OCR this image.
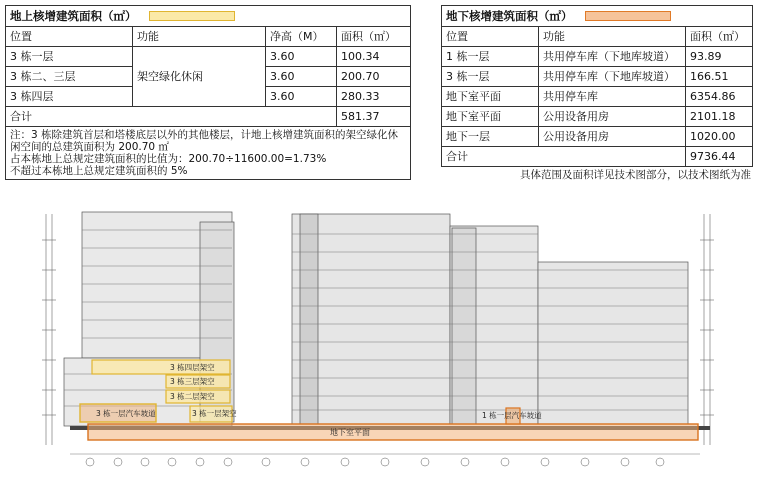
地上核增建筑面积（㎡）			
位置	功能	净高（M）	面积（㎡）
3 栋一层	架空绿化休闲	3.60	100.34
3 栋二、三层		3.60	200.70
3 栋四层		3.60	280.33
合计			581.37

注：3 栋除建筑首层和塔楼底层以外的其他楼层，计地上核增建筑面积的架空绿化休闲空间的总建筑面积为 200.70 ㎡
占本栋地上总规定建筑面积的比值为：200.70÷11600.00=1.73%
不超过本栋地上总规定建筑面积的 5%			
地下核增建筑面积（㎡）		
位置	功能	面积（㎡）
1 栋一层	共用停车库（下地库坡道）	93.89
3 栋一层	共用停车库（下地库坡道）	166.51
地下室平面	共用停车库	6354.86
地下室平面	公用设备用房	2101.18
地下一层	公用设备用房	1020.00
合计		9736.44
具体范围及面积详见技术图部分，以技术图纸为准
地下室平面
3 栋四层架空
3 栋三层架空
3 栋二层架空
3 栋一层汽车坡道	3 栋一层架空	1 栋一层汽车坡道
